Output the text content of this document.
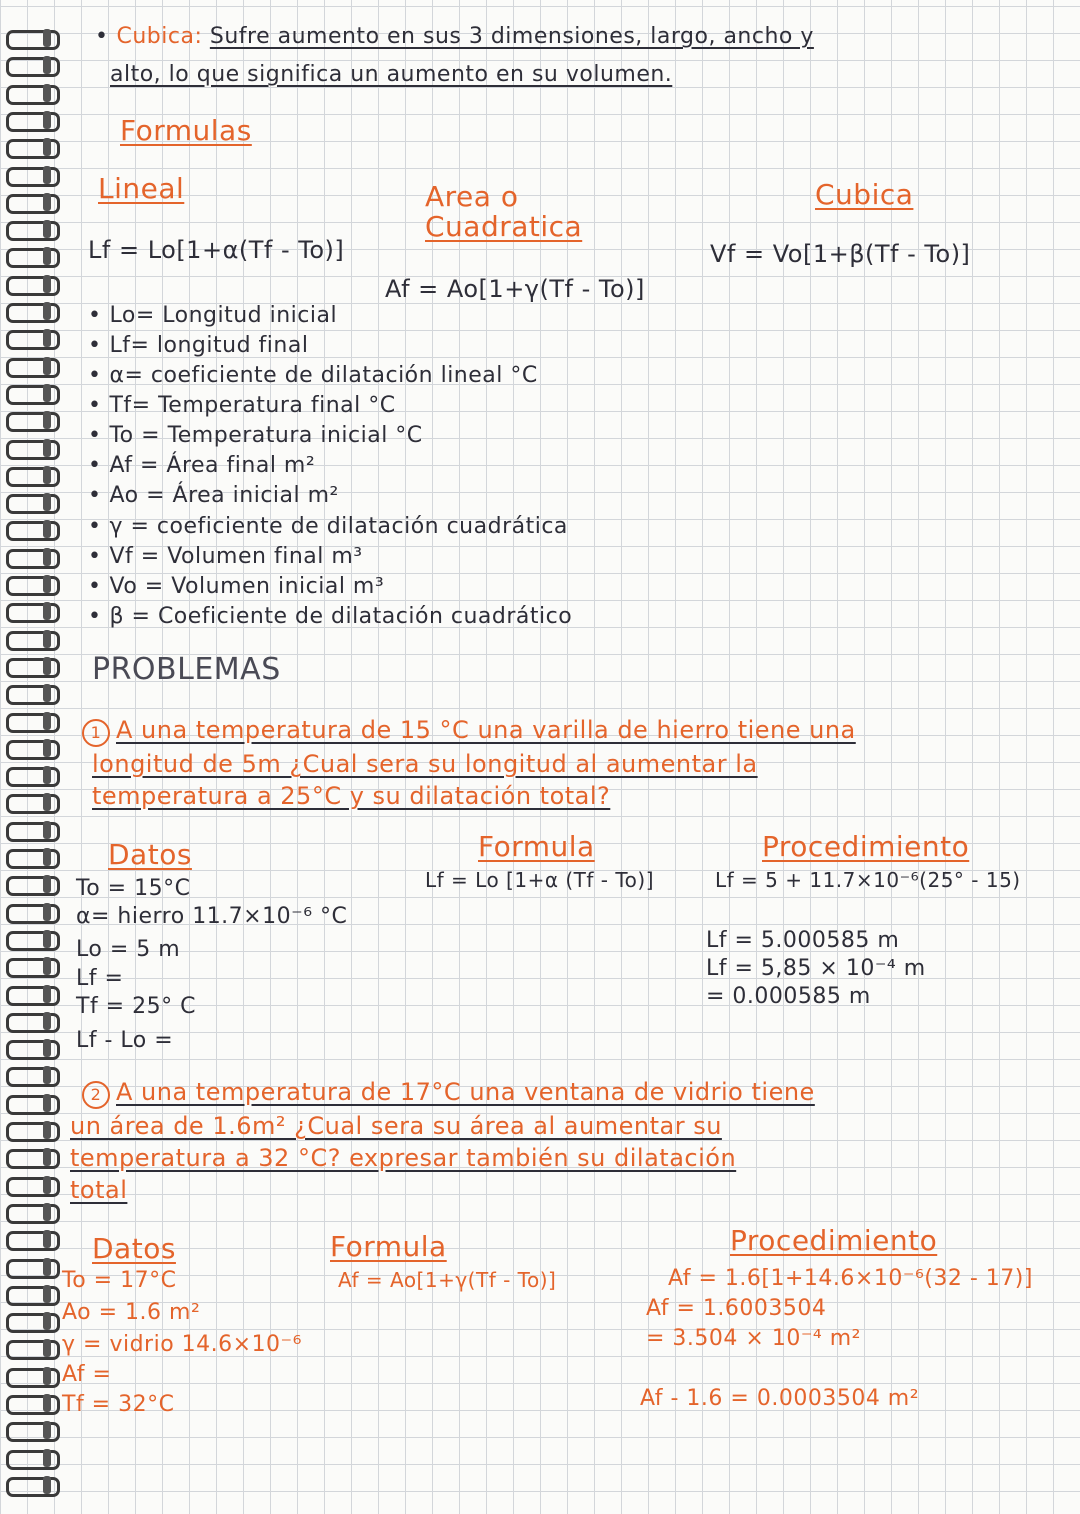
• Cubica: Sufre aumento en sus 3 dimensiones, largo, ancho y
alto, lo que significa un aumento en su volumen.
Formulas
Lineal	Area o
Cuadratica
Cubica
Lf = Lo[1+α(Tf - To)]
Af = Ao[1+γ(Tf - To)]
Vf = Vo[1+β(Tf - To)]
• Lo= Longitud inicial
• Lf= longitud final
• α= coeficiente de dilatación lineal °C
• Tf= Temperatura final °C
• To = Temperatura inicial °C
• Af = Área final m²
• Ao = Área inicial m²
• γ = coeficiente de dilatación cuadrática
• Vf = Volumen final m³
• Vo = Volumen inicial m³
• β = Coeficiente de dilatación cuadrático
PROBLEMAS
1 A una temperatura de 15 °C una varilla de hierro tiene una
longitud de 5m ¿Cual sera su longitud al aumentar la
temperatura a 25°C y su dilatación total?
Datos	Formula	Procedimiento
To = 15°C
α= hierro 11.7×10⁻⁶ °C
Lo = 5 m
Lf =
Tf = 25° C
Lf - Lo =
Lf = Lo [1+α (Tf - To)]	Lf = 5 + 11.7×10⁻⁶(25° - 15)
Lf = 5.000585 m
Lf = 5,85 × 10⁻⁴ m
= 0.000585 m
2 A una temperatura de 17°C una ventana de vidrio tiene
un área de 1.6m² ¿Cual sera su área al aumentar su
temperatura a 32 °C? expresar también su dilatación
total
Datos	Formula	Procedimiento
To = 17°C
Ao = 1.6 m²
γ = vidrio 14.6×10⁻⁶
Af =
Tf = 32°C
Af = Ao[1+γ(Tf - To)]	Af = 1.6[1+14.6×10⁻⁶(32 - 17)]
Af = 1.6003504
= 3.504 × 10⁻⁴ m²
Af - 1.6 = 0.0003504 m²
